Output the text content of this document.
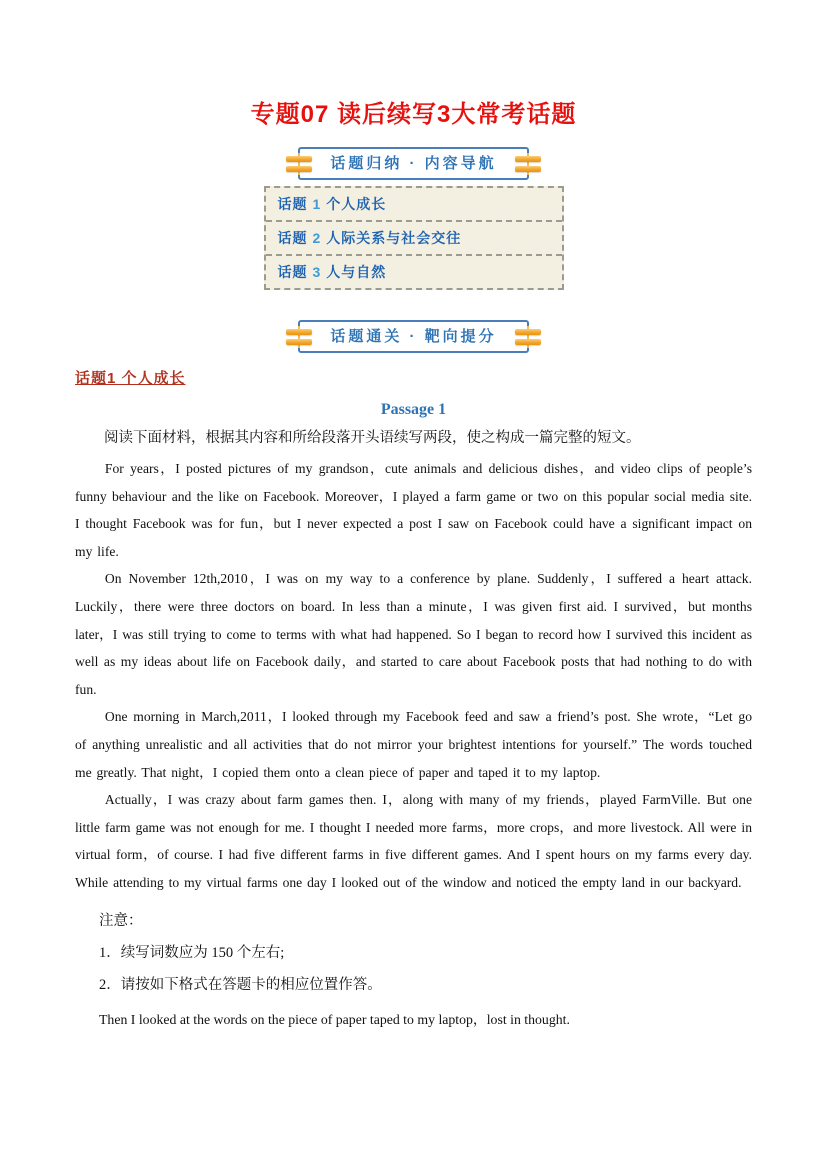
专题07 读后续写3大常考话题
话题归纳 · 内容导航
话题 1 个人成长
话题 2 人际关系与社会交往
话题 3 人与自然
话题通关 · 靶向提分
话题1 个人成长
Passage 1

阅读下面材料，根据其内容和所给段落开头语续写两段，使之构成一篇完整的短文。

For years，I posted pictures of my grandson，cute animals and delicious dishes，and video clips of people’s funny behaviour and the like on Facebook. Moreover，I played a farm game or two on this popular social media site. I thought Facebook was for fun，but I never expected a post I saw on Facebook could have a significant impact on my life.

On November 12th,2010，I was on my way to a conference by plane. Suddenly，I suffered a heart attack. Luckily，there were three doctors on board. In less than a minute，I was given first aid. I survived，but months later，I was still trying to come to terms with what had happened. So I began to record how I survived this incident as well as my ideas about life on Facebook daily，and started to care about Facebook posts that had nothing to do with fun.

One morning in March,2011，I looked through my Facebook feed and saw a friend’s post. She wrote，“Let go of anything unrealistic and all activities that do not mirror your brightest intentions for yourself.” The words touched me greatly. That night，I copied them onto a clean piece of paper and taped it to my laptop.

Actually，I was crazy about farm games then. I，along with many of my friends，played FarmVille. But one little farm game was not enough for me. I thought I needed more farms，more crops，and more livestock. All were in virtual form，of course. I had five different farms in five different games. And I spent hours on my farms every day. While attending to my virtual farms one day I looked out of the window and noticed the empty land in our backyard.

注意：
1．续写词数应为 150 个左右;
2．请按如下格式在答题卡的相应位置作答。

Then I looked at the words on the piece of paper taped to my laptop，lost in thought.
